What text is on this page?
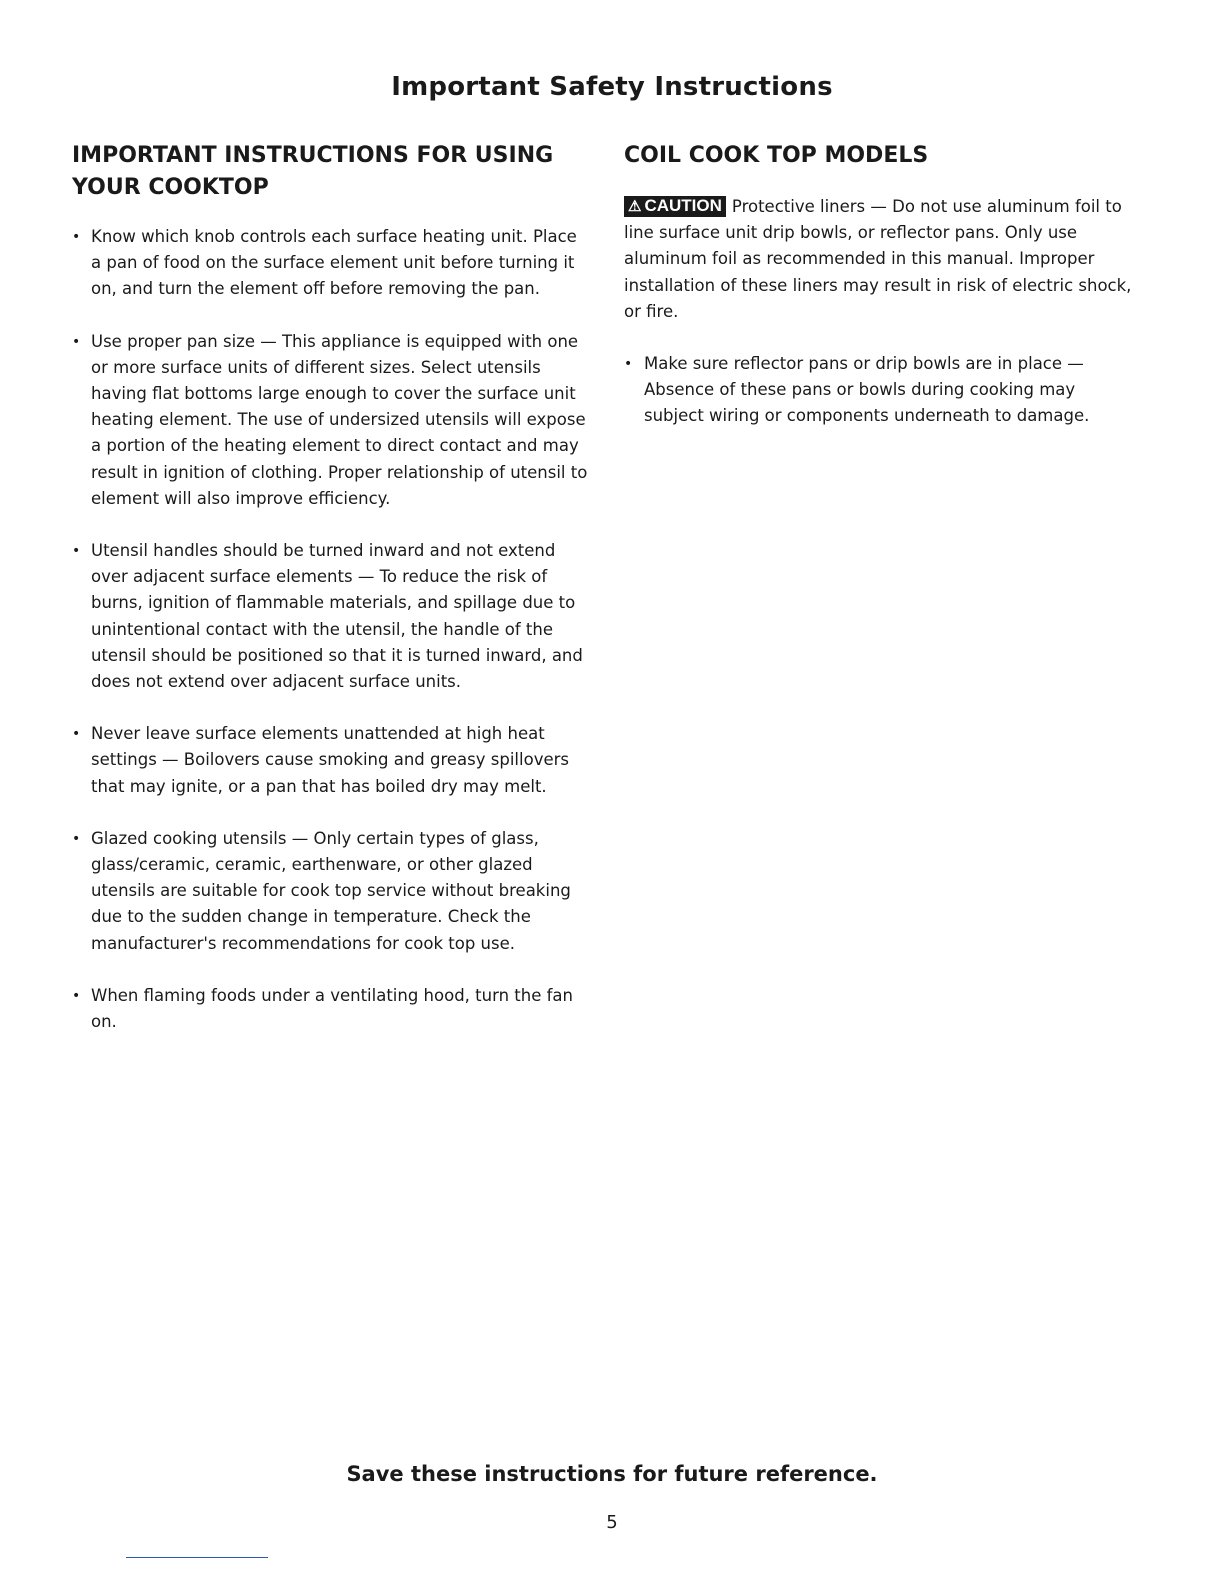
Important Safety Instructions
IMPORTANT INSTRUCTIONS FOR USING YOUR COOKTOP
• Know which knob controls each surface heating unit. Place a pan of food on the surface element unit before turning it on, and turn the element off before removing the pan.
• Use proper pan size — This appliance is equipped with one or more surface units of different sizes. Select utensils having flat bottoms large enough to cover the surface unit heating element. The use of undersized utensils will expose a portion of the heating element to direct contact and may result in ignition of clothing. Proper relationship of utensil to element will also improve efficiency.
• Utensil handles should be turned inward and not extend over adjacent surface elements — To reduce the risk of burns, ignition of flammable materials, and spillage due to unintentional contact with the utensil, the handle of the utensil should be positioned so that it is turned inward, and does not extend over adjacent surface units.
• Never leave surface elements unattended at high heat settings — Boilovers cause smoking and greasy spillovers that may ignite, or a pan that has boiled dry may melt.
• Glazed cooking utensils — Only certain types of glass, glass/ceramic, ceramic, earthenware, or other glazed utensils are suitable for cook top service without breaking due to the sudden change in temperature. Check the manufacturer's recommendations for cook top use.
• When flaming foods under a ventilating hood, turn the fan on.
COIL COOK TOP MODELS

⚠ CAUTION Protective liners — Do not use aluminum foil to line surface unit drip bowls, or reflector pans. Only use aluminum foil as recommended in this manual. Improper installation of these liners may result in risk of electric shock, or fire.

• Make sure reflector pans or drip bowls are in place — Absence of these pans or bowls during cooking may subject wiring or components underneath to damage.

Save these instructions for future reference.

5
